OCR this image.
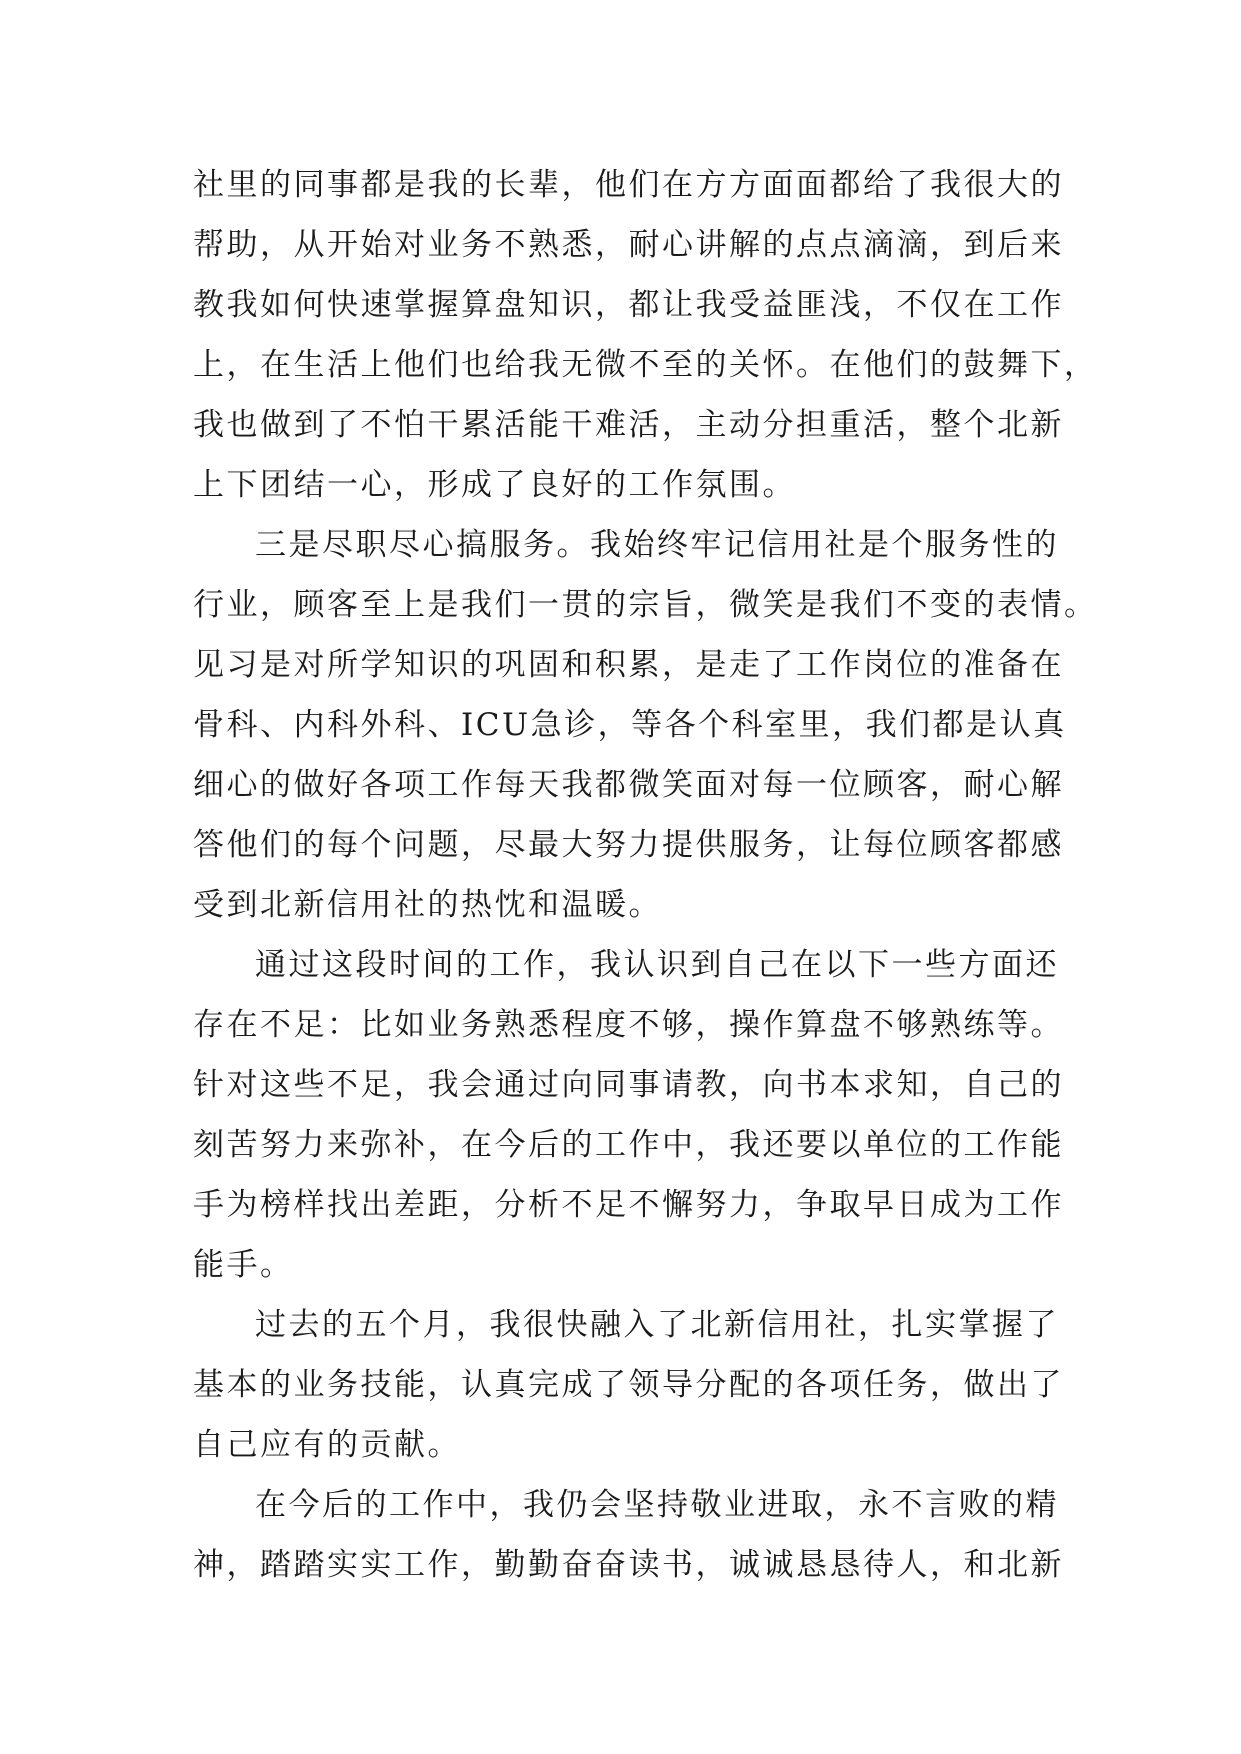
社里的同事都是我的长辈，他们在方方面面都给了我很大的
帮助，从开始对业务不熟悉，耐心讲解的点点滴滴，到后来
教我如何快速掌握算盘知识，都让我受益匪浅，不仅在工作
上，在生活上他们也给我无微不至的关怀。在他们的鼓舞下，
我也做到了不怕干累活能干难活，主动分担重活，整个北新
上下团结一心，形成了良好的工作氛围。
三是尽职尽心搞服务。我始终牢记信用社是个服务性的
行业，顾客至上是我们一贯的宗旨，微笑是我们不变的表情。
见习是对所学知识的巩固和积累，是走了工作岗位的准备在
骨科、内科外科、ICU急诊，等各个科室里，我们都是认真
细心的做好各项工作每天我都微笑面对每一位顾客，耐心解
答他们的每个问题，尽最大努力提供服务，让每位顾客都感
受到北新信用社的热忱和温暖。
通过这段时间的工作，我认识到自己在以下一些方面还
存在不足：比如业务熟悉程度不够，操作算盘不够熟练等。
针对这些不足，我会通过向同事请教，向书本求知，自己的
刻苦努力来弥补，在今后的工作中，我还要以单位的工作能
手为榜样找出差距，分析不足不懈努力，争取早日成为工作
能手。
过去的五个月，我很快融入了北新信用社，扎实掌握了
基本的业务技能，认真完成了领导分配的各项任务，做出了
自己应有的贡献。
在今后的工作中，我仍会坚持敬业进取，永不言败的精
神，踏踏实实工作，勤勤奋奋读书，诚诚恳恳待人，和北新
